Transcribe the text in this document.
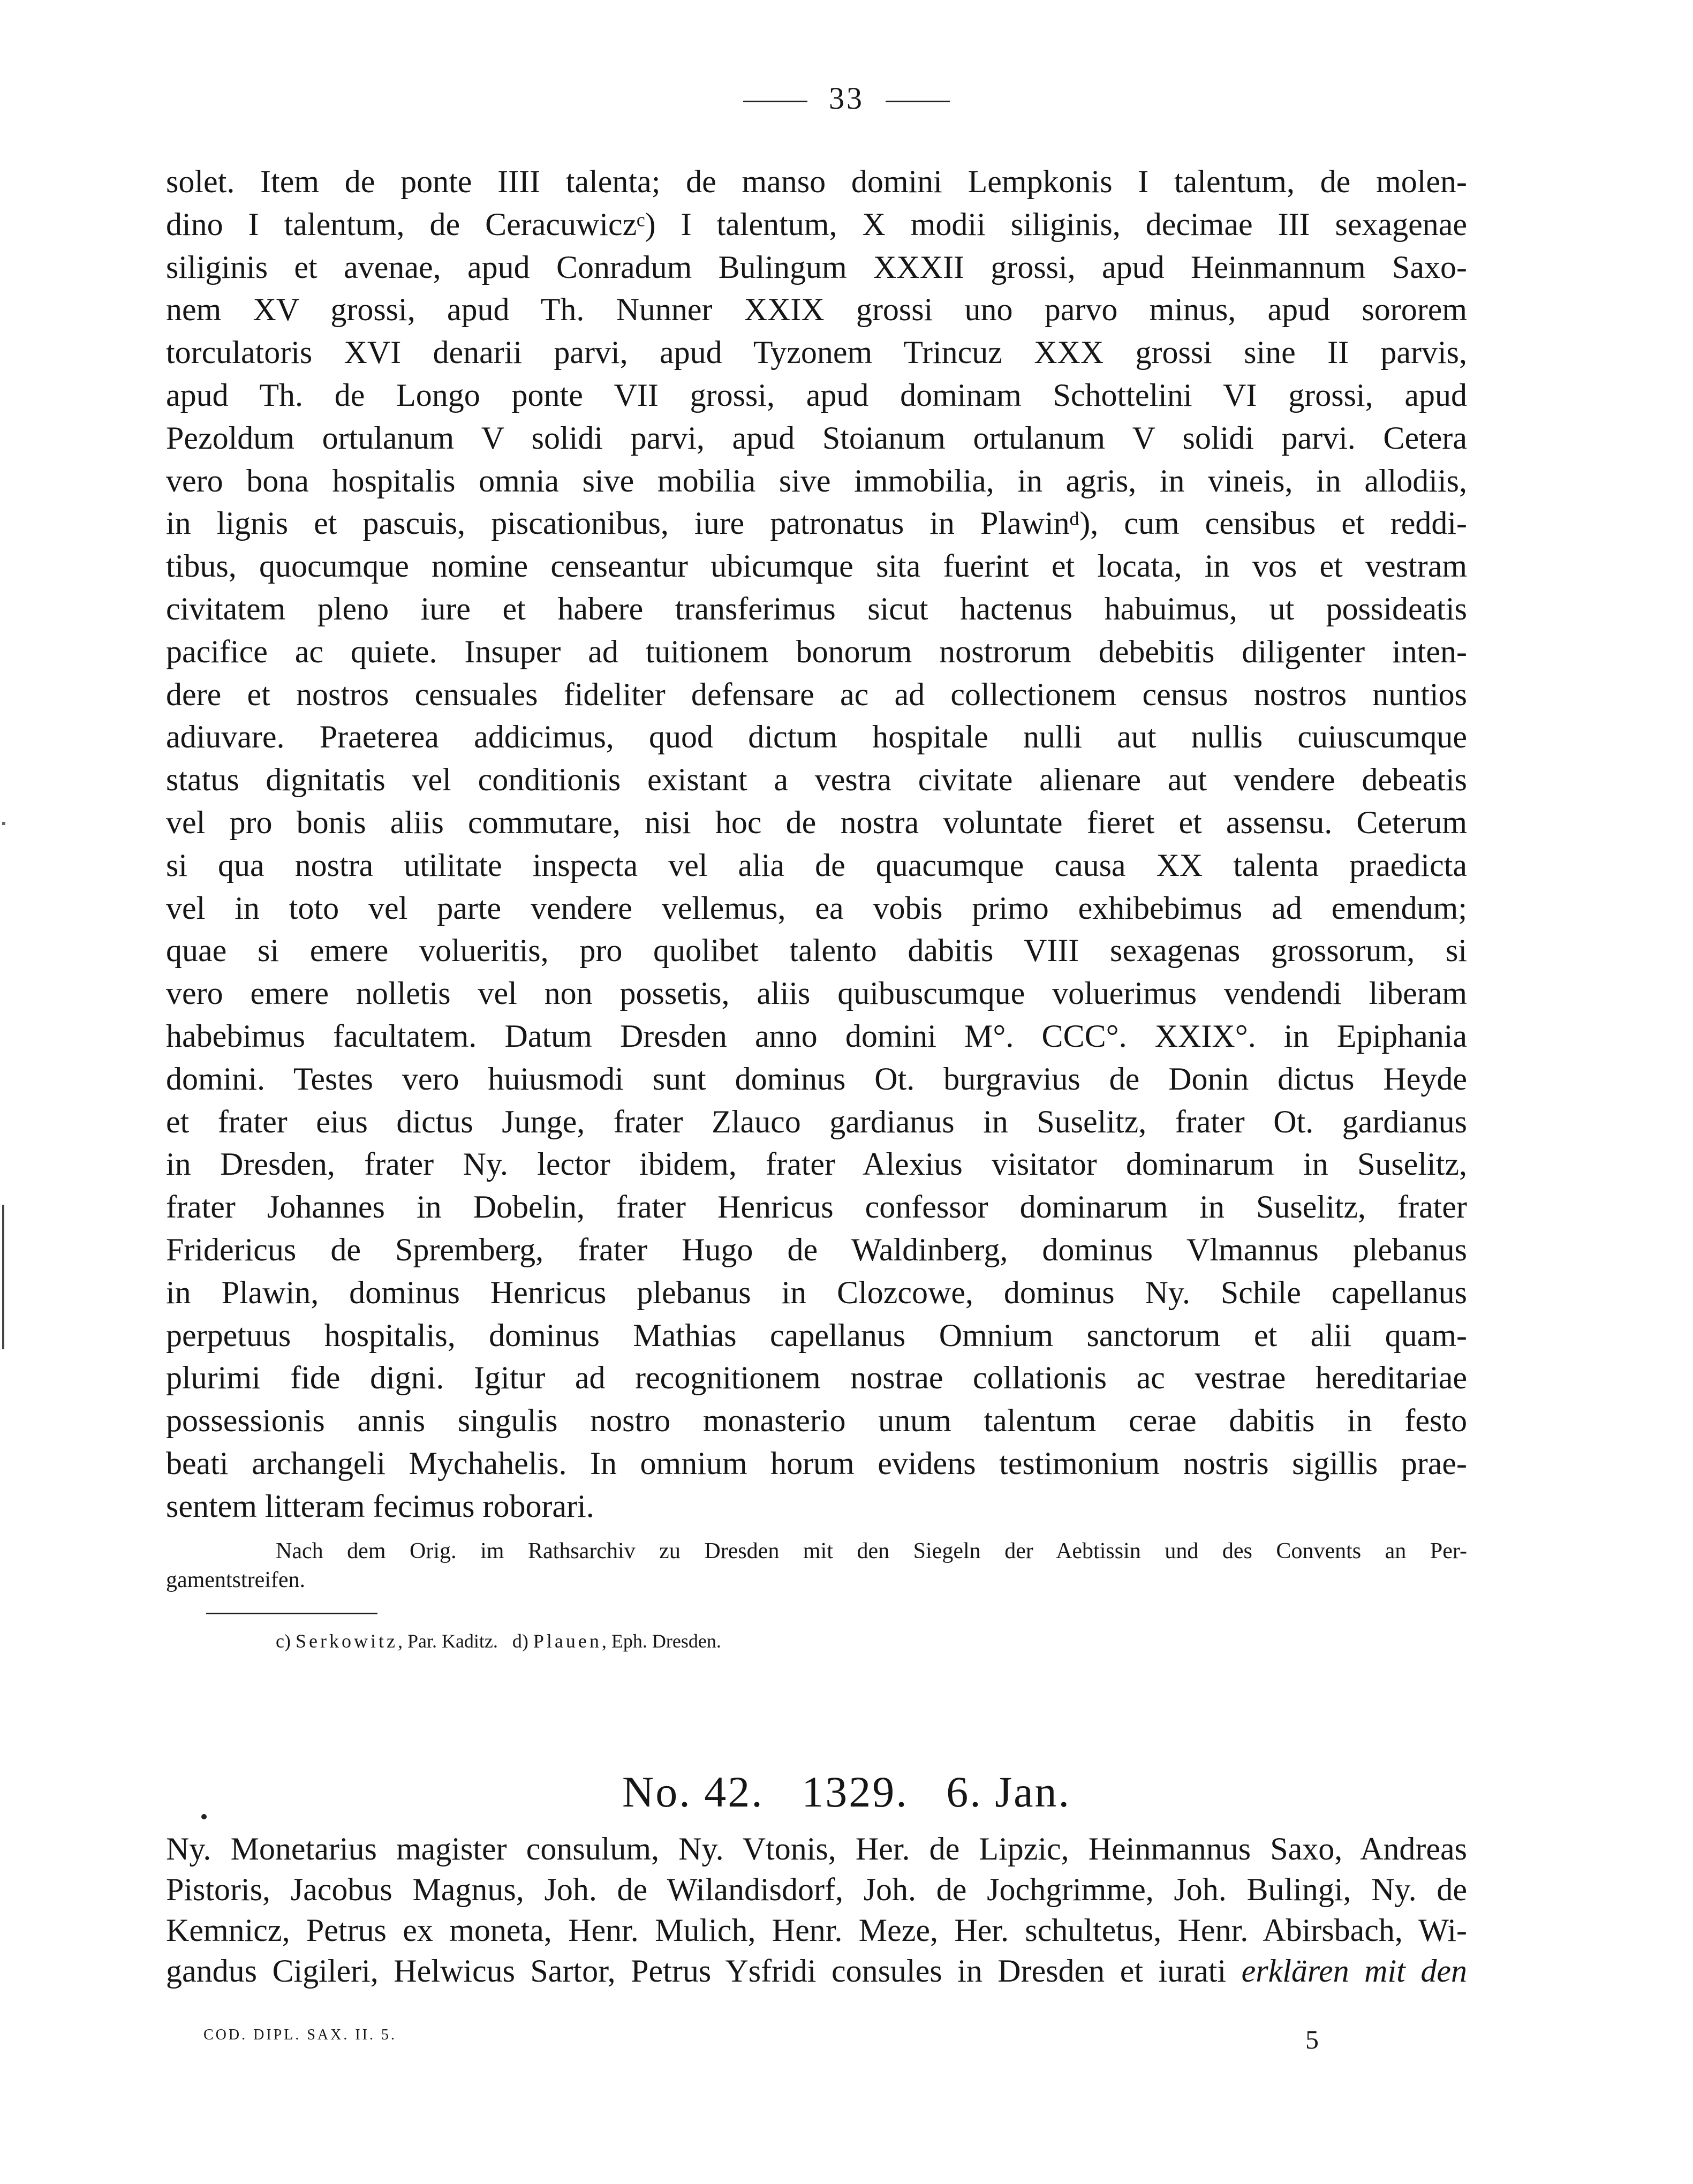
33
solet. Item de ponte IIII talenta; de manso domini Lempkonis I talentum, de molen-
dino I talentum, de Ceracuwiczᶜ) I talentum, X modii siliginis, decimae III sexagenae
siliginis et avenae, apud Conradum Bulingum XXXII grossi, apud Heinmannum Saxo-
nem XV grossi, apud Th. Nunner XXIX grossi uno parvo minus, apud sororem
torculatoris XVI denarii parvi, apud Tyzonem Trincuz XXX grossi sine II parvis,
apud Th. de Longo ponte VII grossi, apud dominam Schottelini VI grossi, apud
Pezoldum ortulanum V solidi parvi, apud Stoianum ortulanum V solidi parvi. Cetera
vero bona hospitalis omnia sive mobilia sive immobilia, in agris, in vineis, in allodiis,
in lignis et pascuis, piscationibus, iure patronatus in Plawinᵈ), cum censibus et reddi-
tibus, quocumque nomine censeantur ubicumque sita fuerint et locata, in vos et vestram
civitatem pleno iure et habere transferimus sicut hactenus habuimus, ut possideatis
pacifice ac quiete. Insuper ad tuitionem bonorum nostrorum debebitis diligenter inten-
dere et nostros censuales fideliter defensare ac ad collectionem census nostros nuntios
adiuvare. Praeterea addicimus, quod dictum hospitale nulli aut nullis cuiuscumque
status dignitatis vel conditionis existant a vestra civitate alienare aut vendere debeatis
vel pro bonis aliis commutare, nisi hoc de nostra voluntate fieret et assensu. Ceterum
si qua nostra utilitate inspecta vel alia de quacumque causa XX talenta praedicta
vel in toto vel parte vendere vellemus, ea vobis primo exhibebimus ad emendum;
quae si emere volueritis, pro quolibet talento dabitis VIII sexagenas grossorum, si
vero emere nolletis vel non possetis, aliis quibuscumque voluerimus vendendi liberam
habebimus facultatem. Datum Dresden anno domini M°. CCC°. XXIX°. in Epiphania
domini. Testes vero huiusmodi sunt dominus Ot. burgravius de Donin dictus Heyde
et frater eius dictus Junge, frater Zlauco gardianus in Suselitz, frater Ot. gardianus
in Dresden, frater Ny. lector ibidem, frater Alexius visitator dominarum in Suselitz,
frater Johannes in Dobelin, frater Henricus confessor dominarum in Suselitz, frater
Fridericus de Spremberg, frater Hugo de Waldinberg, dominus Vlmannus plebanus
in Plawin, dominus Henricus plebanus in Clozcowe, dominus Ny. Schile capellanus
perpetuus hospitalis, dominus Mathias capellanus Omnium sanctorum et alii quam-
plurimi fide digni. Igitur ad recognitionem nostrae collationis ac vestrae hereditariae
possessionis annis singulis nostro monasterio unum talentum cerae dabitis in festo
beati archangeli Mychahelis. In omnium horum evidens testimonium nostris sigillis prae-
sentem litteram fecimus roborari.
Nach dem Orig. im Rathsarchiv zu Dresden mit den Siegeln der Aebtissin und des Convents an Per-
gamentstreifen.
c) Serkowitz, Par. Kaditz. d) Plauen, Eph. Dresden.
No. 42. 1329. 6. Jan.
Ny. Monetarius magister consulum, Ny. Vtonis, Her. de Lipzic, Heinmannus Saxo, Andreas
Pistoris, Jacobus Magnus, Joh. de Wilandisdorf, Joh. de Jochgrimme, Joh. Bulingi, Ny. de
Kemnicz, Petrus ex moneta, Henr. Mulich, Henr. Meze, Her. schultetus, Henr. Abirsbach, Wi-
gandus Cigileri, Helwicus Sartor, Petrus Ysfridi consules in Dresden et iurati erklären mit den
COD. DIPL. SAX. II. 5.	5
